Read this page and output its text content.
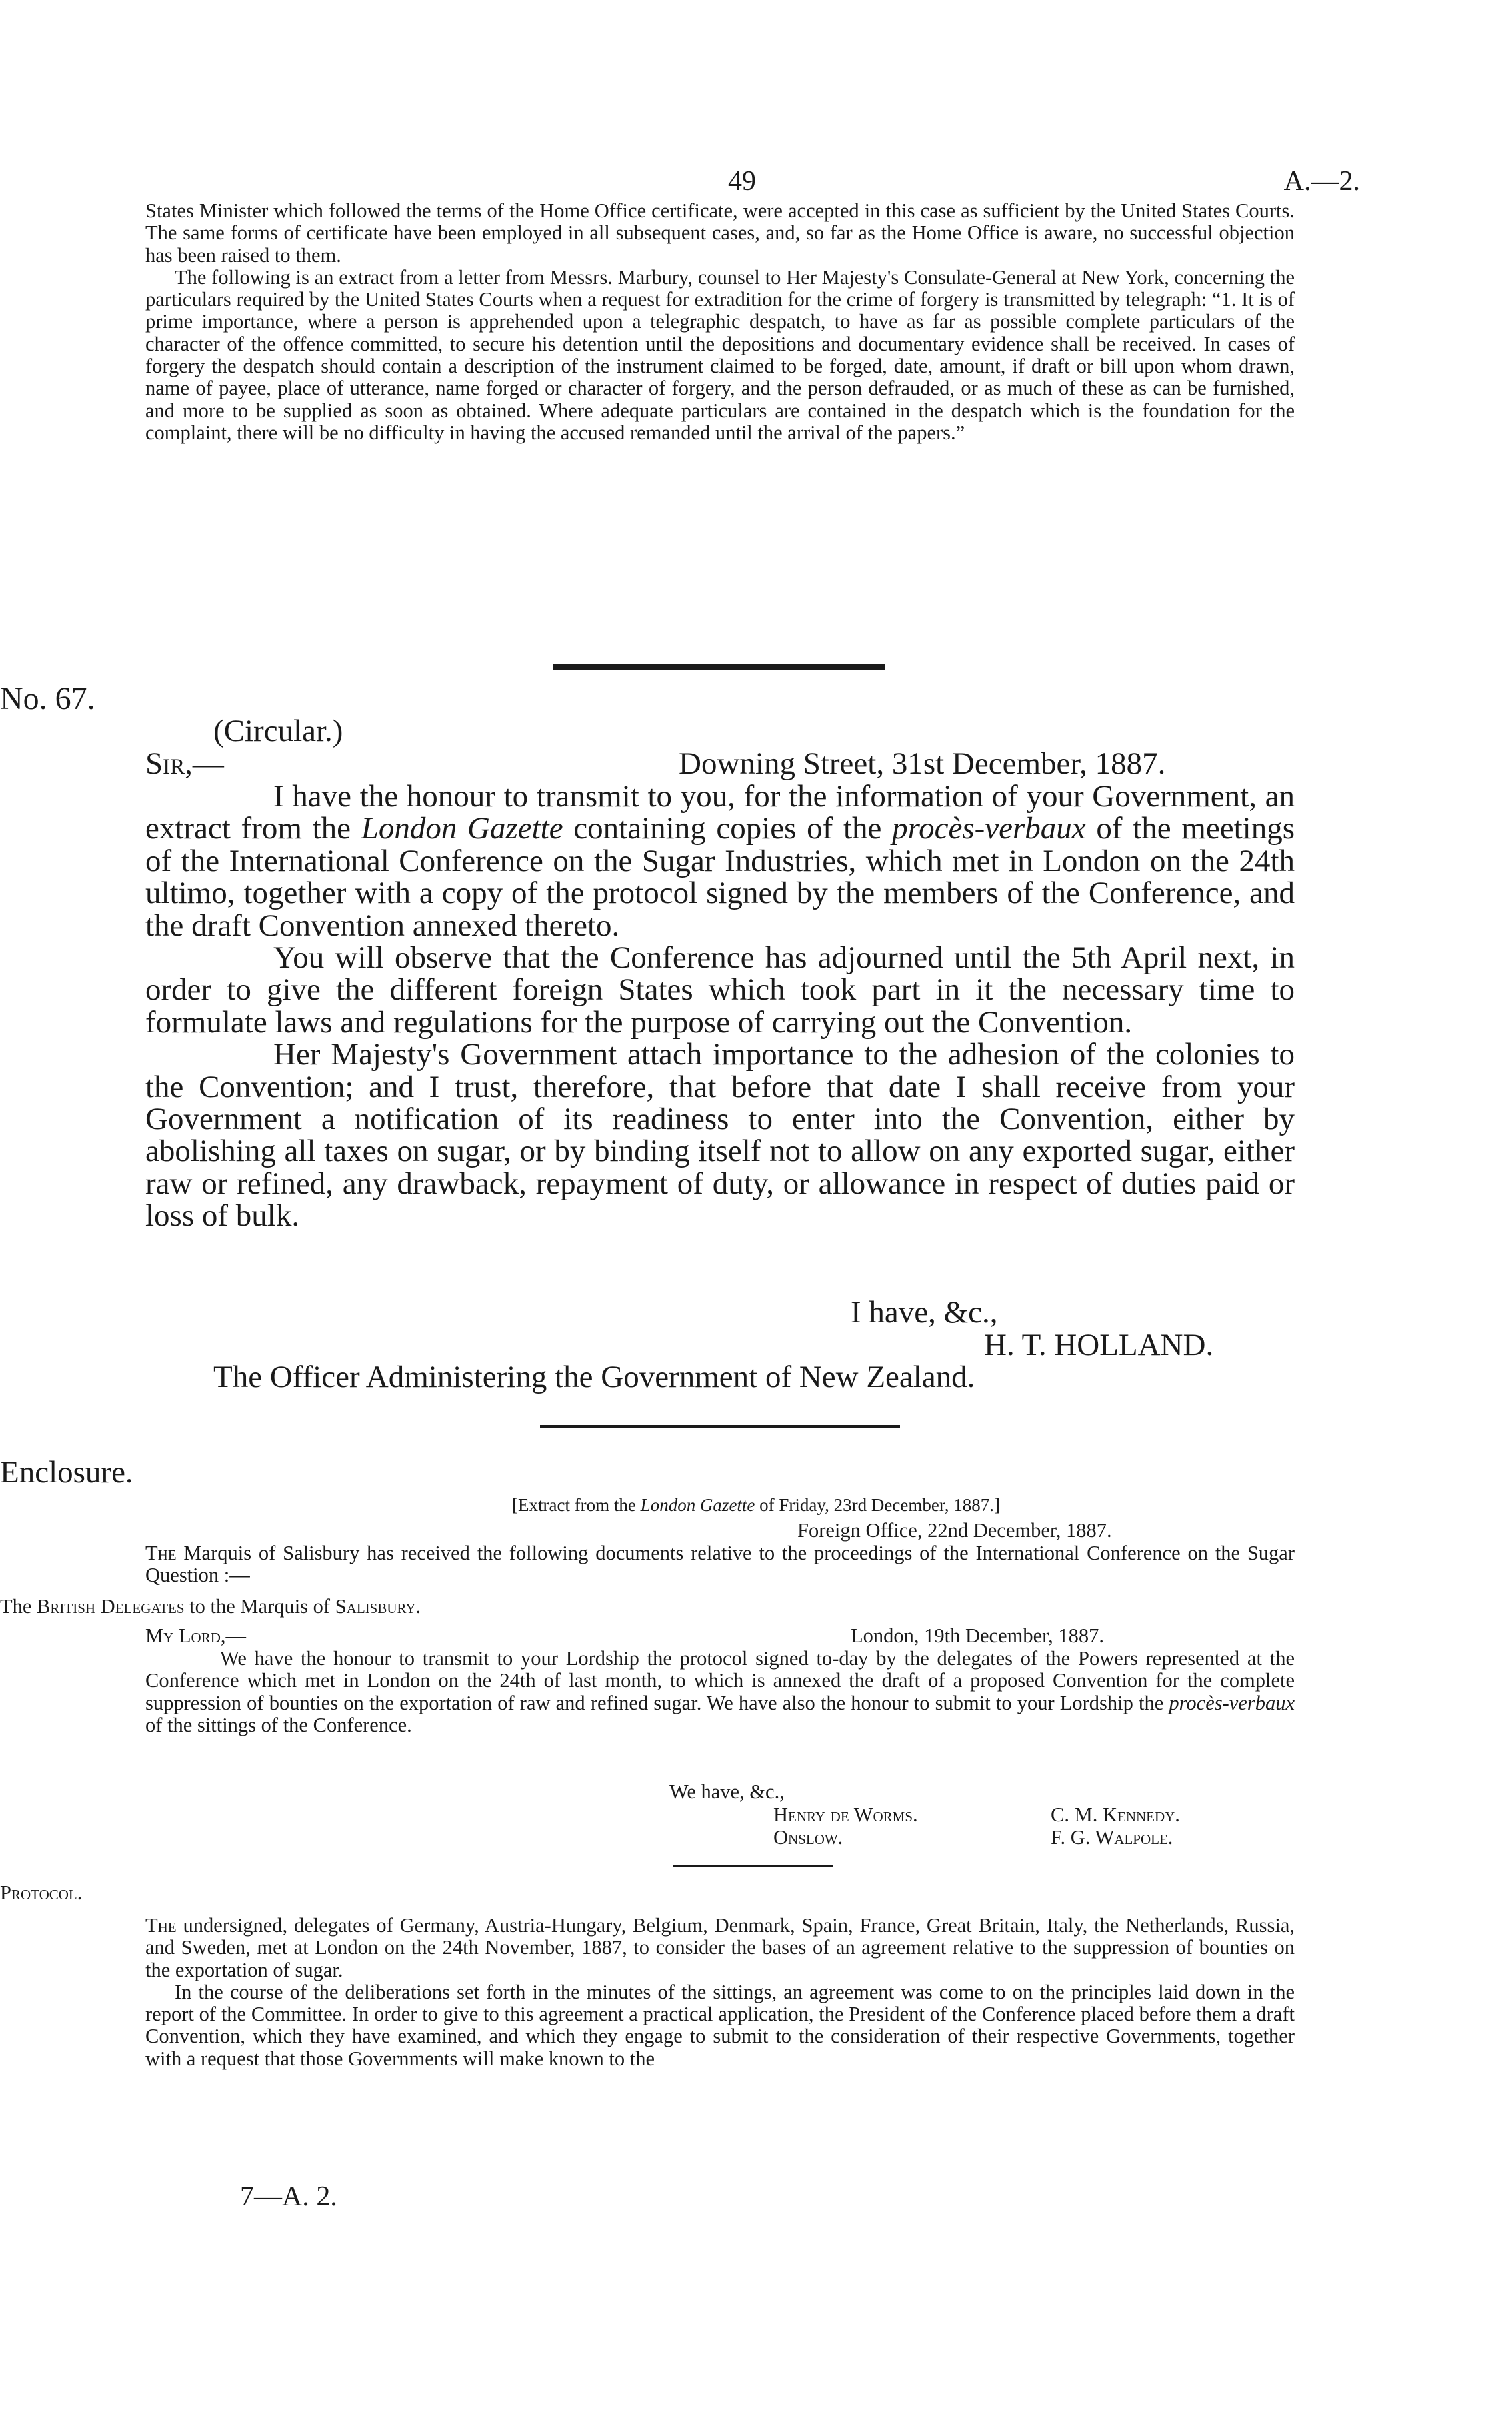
49	A.—2.

States Minister which followed the terms of the Home Office certificate, were accepted in this case as sufficient by the United States Courts. The same forms of certificate have been employed in all subsequent cases, and, so far as the Home Office is aware, no successful objection has been raised to them.

The following is an extract from a letter from Messrs. Marbury, counsel to Her Majesty's Consulate-General at New York, concerning the particulars required by the United States Courts when a request for extradition for the crime of forgery is transmitted by telegraph: “1. It is of prime importance, where a person is apprehended upon a telegraphic despatch, to have as far as possible complete particulars of the character of the offence committed, to secure his detention until the depositions and documentary evidence shall be received. In cases of forgery the despatch should contain a description of the instrument claimed to be forged, date, amount, if draft or bill upon whom drawn, name of payee, place of utterance, name forged or character of forgery, and the person defrauded, or as much of these as can be furnished, and more to be supplied as soon as obtained. Where adequate particulars are contained in the despatch which is the foundation for the complaint, there will be no difficulty in having the accused remanded until the arrival of the papers.”

No. 67.
(Circular.)
Sir,—	Downing Street, 31st December, 1887.

I have the honour to transmit to you, for the information of your Government, an extract from the London Gazette containing copies of the procès-verbaux of the meetings of the International Conference on the Sugar Industries, which met in London on the 24th ultimo, together with a copy of the protocol signed by the members of the Conference, and the draft Convention annexed thereto.

You will observe that the Conference has adjourned until the 5th April next, in order to give the different foreign States which took part in it the necessary time to formulate laws and regulations for the purpose of carrying out the Convention.

Her Majesty's Government attach importance to the adhesion of the colonies to the Convention; and I trust, therefore, that before that date I shall receive from your Government a notification of its readiness to enter into the Convention, either by abolishing all taxes on sugar, or by binding itself not to allow on any exported sugar, either raw or refined, any drawback, repayment of duty, or allowance in respect of duties paid or loss of bulk.

I have, &c.,
H. T. HOLLAND.
The Officer Administering the Government of New Zealand.
Enclosure.
[Extract from the London Gazette of Friday, 23rd December, 1887.]
Foreign Office, 22nd December, 1887.

The Marquis of Salisbury has received the following documents relative to the proceedings of the International Conference on the Sugar Question :—

The British Delegates to the Marquis of Salisbury.
My Lord,—	London, 19th December, 1887.

We have the honour to transmit to your Lordship the protocol signed to-day by the delegates of the Powers represented at the Conference which met in London on the 24th of last month, to which is annexed the draft of a proposed Convention for the complete suppression of bounties on the exportation of raw and refined sugar. We have also the honour to submit to your Lordship the procès-verbaux of the sittings of the Conference.

We have, &c.,
Henry de Worms.	C. M. Kennedy.
Onslow.	F. G. Walpole.
Protocol.

The undersigned, delegates of Germany, Austria-Hungary, Belgium, Denmark, Spain, France, Great Britain, Italy, the Netherlands, Russia, and Sweden, met at London on the 24th November, 1887, to consider the bases of an agreement relative to the suppression of bounties on the exportation of sugar.

In the course of the deliberations set forth in the minutes of the sittings, an agreement was come to on the principles laid down in the report of the Committee. In order to give to this agreement a practical application, the President of the Conference placed before them a draft Convention, which they have examined, and which they engage to submit to the consideration of their respective Governments, together with a request that those Governments will make known to the

7—A. 2.
